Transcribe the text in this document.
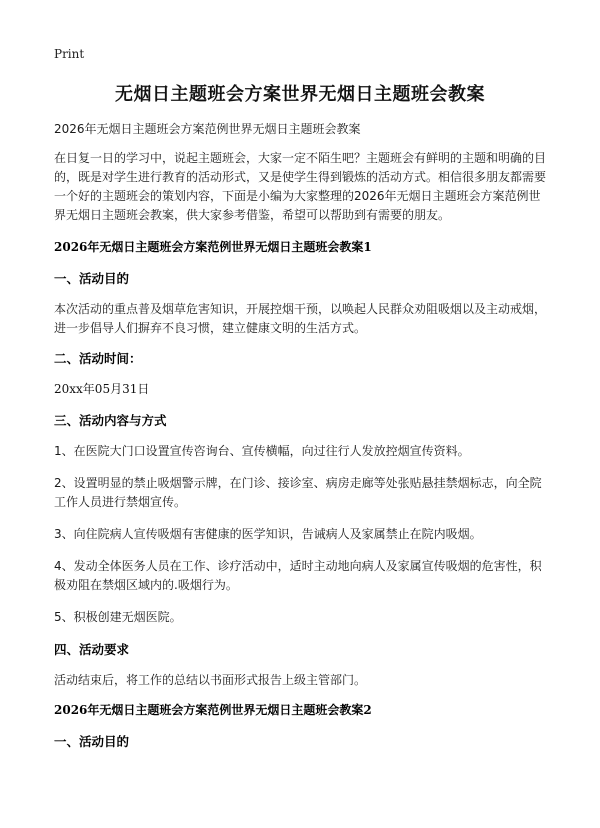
Print
无烟日主题班会方案世界无烟日主题班会教案
2026年无烟日主题班会方案范例世界无烟日主题班会教案
在日复一日的学习中，说起主题班会，大家一定不陌生吧？主题班会有鲜明的主题和明确的目的，既是对学生进行教育的活动形式，又是使学生得到锻炼的活动方式。相信很多朋友都需要一个好的主题班会的策划内容，下面是小编为大家整理的2026年无烟日主题班会方案范例世界无烟日主题班会教案，供大家参考借鉴，希望可以帮助到有需要的朋友。
2026年无烟日主题班会方案范例世界无烟日主题班会教案1
一、活动目的
本次活动的重点普及烟草危害知识，开展控烟干预，以唤起人民群众劝阻吸烟以及主动戒烟，进一步倡导人们摒弃不良习惯，建立健康文明的生活方式。
二、活动时间：
20xx年05月31日
三、活动内容与方式
1、在医院大门口设置宣传咨询台、宣传横幅，向过往行人发放控烟宣传资料。
2、设置明显的禁止吸烟警示牌，在门诊、接诊室、病房走廊等处张贴悬挂禁烟标志，向全院工作人员进行禁烟宣传。
3、向住院病人宣传吸烟有害健康的医学知识，告诫病人及家属禁止在院内吸烟。
4、发动全体医务人员在工作、诊疗活动中，适时主动地向病人及家属宣传吸烟的危害性，积极劝阻在禁烟区域内的.吸烟行为。
5、积极创建无烟医院。
四、活动要求
活动结束后，将工作的总结以书面形式报告上级主管部门。
2026年无烟日主题班会方案范例世界无烟日主题班会教案2
一、活动目的
